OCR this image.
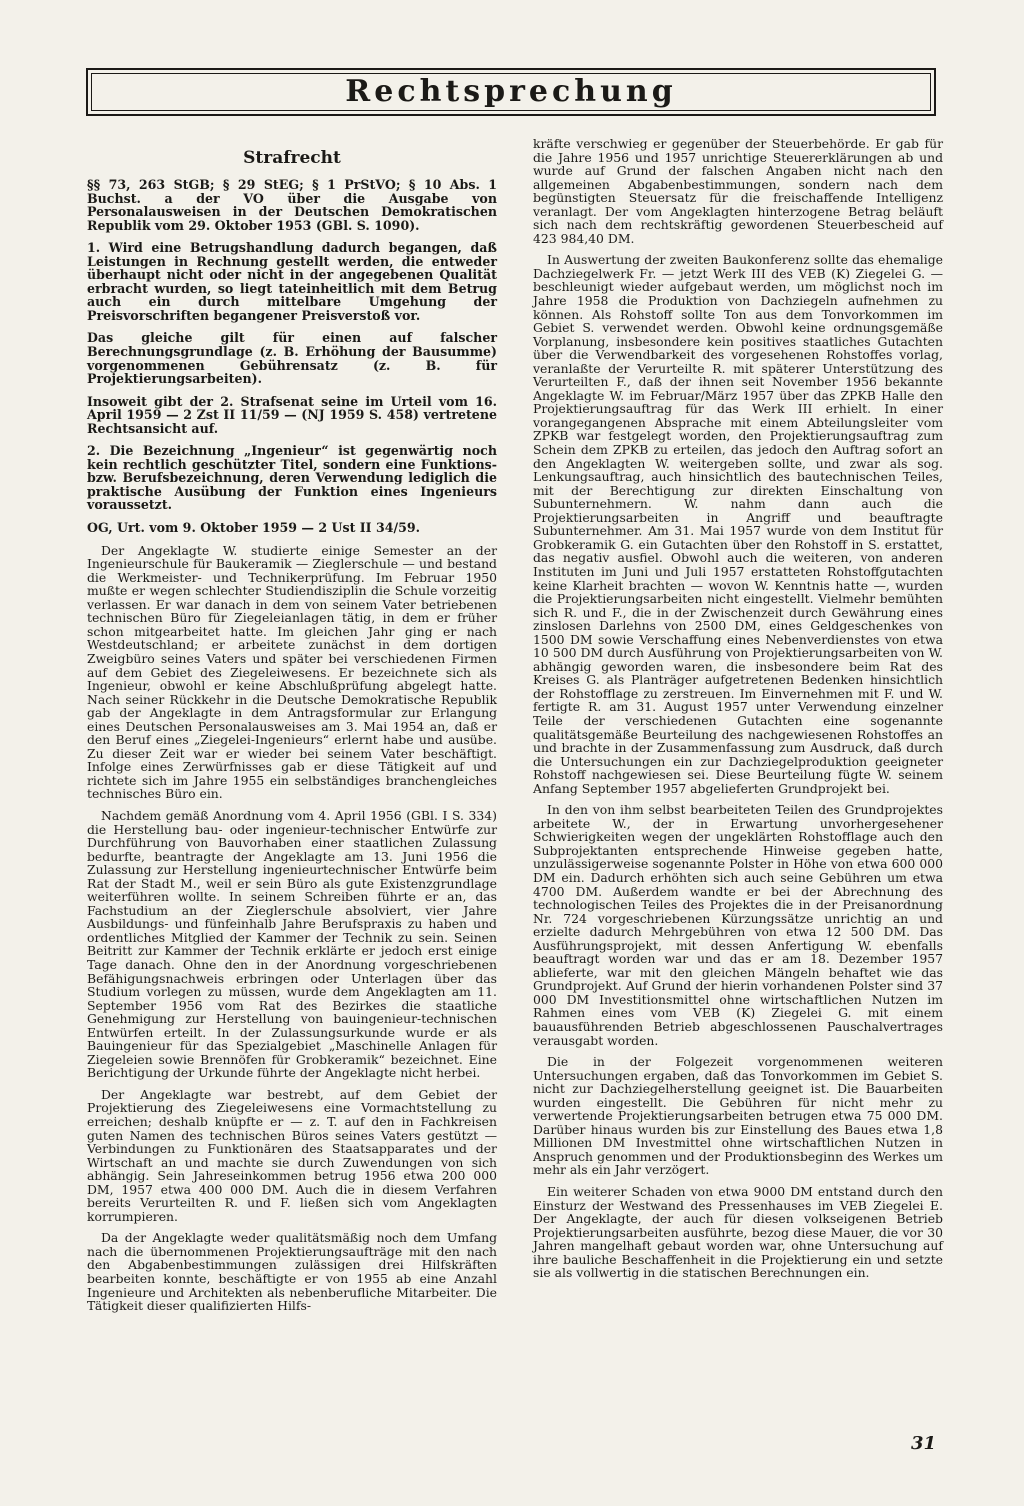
Rechtsprechung
Strafrecht

§§ 73, 263 StGB; § 29 StEG; § 1 PrStVO; § 10 Abs. 1 Buchst. a der VO über die Ausgabe von Personalausweisen in der Deutschen Demokratischen Republik vom 29. Oktober 1953 (GBl. S. 1090).

1. Wird eine Betrugshandlung dadurch begangen, daß Leistungen in Rechnung gestellt werden, die entweder überhaupt nicht oder nicht in der angegebenen Qualität erbracht wurden, so liegt tateinheitlich mit dem Betrug auch ein durch mittelbare Umgehung der Preisvorschriften begangener Preisverstoß vor.

Das gleiche gilt für einen auf falscher Berechnungsgrundlage (z. B. Erhöhung der Bausumme) vorgenommenen Gebührensatz (z. B. für Projektierungsarbeiten).

Insoweit gibt der 2. Strafsenat seine im Urteil vom 16. April 1959 — 2 Zst II 11/59 — (NJ 1959 S. 458) vertretene Rechtsansicht auf.

2. Die Bezeichnung „Ingenieur“ ist gegenwärtig noch kein rechtlich geschützter Titel, sondern eine Funktions- bzw. Berufsbezeichnung, deren Verwendung lediglich die praktische Ausübung der Funktion eines Ingenieurs voraussetzt.

OG, Urt. vom 9. Oktober 1959 — 2 Ust II 34/59.

Der Angeklagte W. studierte einige Semester an der Ingenieurschule für Baukeramik — Zieglerschule — und bestand die Werkmeister- und Technikerprüfung. Im Februar 1950 mußte er wegen schlechter Studiendisziplin die Schule vorzeitig verlassen. Er war danach in dem von seinem Vater betriebenen technischen Büro für Ziegeleianlagen tätig, in dem er früher schon mitgearbeitet hatte. Im gleichen Jahr ging er nach Westdeutschland; er arbeitete zunächst in dem dortigen Zweigbüro seines Vaters und später bei verschiedenen Firmen auf dem Gebiet des Ziegeleiwesens. Er bezeichnete sich als Ingenieur, obwohl er keine Abschlußprüfung abgelegt hatte. Nach seiner Rückkehr in die Deutsche Demokratische Republik gab der Angeklagte in dem Antragsformular zur Erlangung eines Deutschen Personalausweises am 3. Mai 1954 an, daß er den Beruf eines „Ziegelei-Ingenieurs“ erlernt habe und ausübe. Zu dieser Zeit war er wieder bei seinem Vater beschäftigt. Infolge eines Zerwürfnisses gab er diese Tätigkeit auf und richtete sich im Jahre 1955 ein selbständiges branchengleiches technisches Büro ein.

Nachdem gemäß Anordnung vom 4. April 1956 (GBl. I S. 334) die Herstellung bau- oder ingenieur-technischer Entwürfe zur Durchführung von Bauvorhaben einer staatlichen Zulassung bedurfte, beantragte der Angeklagte am 13. Juni 1956 die Zulassung zur Herstellung ingenieurtechnischer Entwürfe beim Rat der Stadt M., weil er sein Büro als gute Existenzgrundlage weiterführen wollte. In seinem Schreiben führte er an, das Fachstudium an der Zieglerschule absolviert, vier Jahre Ausbildungs- und fünfeinhalb Jahre Berufspraxis zu haben und ordentliches Mitglied der Kammer der Technik zu sein. Seinen Beitritt zur Kammer der Technik erklärte er jedoch erst einige Tage danach. Ohne den in der Anordnung vorgeschriebenen Befähigungsnachweis erbringen oder Unterlagen über das Studium vorlegen zu müssen, wurde dem Angeklagten am 11. September 1956 vom Rat des Bezirkes die staatliche Genehmigung zur Herstellung von bauingenieur-technischen Entwürfen erteilt. In der Zulassungsurkunde wurde er als Bauingenieur für das Spezialgebiet „Maschinelle Anlagen für Ziegeleien sowie Brennöfen für Grobkeramik“ bezeichnet. Eine Berichtigung der Urkunde führte der Angeklagte nicht herbei.

Der Angeklagte war bestrebt, auf dem Gebiet der Projektierung des Ziegeleiwesens eine Vormachtstellung zu erreichen; deshalb knüpfte er — z. T. auf den in Fachkreisen guten Namen des technischen Büros seines Vaters gestützt — Verbindungen zu Funktionären des Staatsapparates und der Wirtschaft an und machte sie durch Zuwendungen von sich abhängig. Sein Jahreseinkommen betrug 1956 etwa 200 000 DM, 1957 etwa 400 000 DM. Auch die in diesem Verfahren bereits Verurteilten R. und F. ließen sich vom Angeklagten korrumpieren.

Da der Angeklagte weder qualitätsmäßig noch dem Umfang nach die übernommenen Projektierungsaufträge mit den nach den Abgabenbestimmungen zulässigen drei Hilfskräften bearbeiten konnte, beschäftigte er von 1955 ab eine Anzahl Ingenieure und Architekten als nebenberufliche Mitarbeiter. Die Tätigkeit dieser qualifizierten Hilfs-

kräfte verschwieg er gegenüber der Steuerbehörde. Er gab für die Jahre 1956 und 1957 unrichtige Steuererklärungen ab und wurde auf Grund der falschen Angaben nicht nach den allgemeinen Abgabenbestimmungen, sondern nach dem begünstigten Steuersatz für die freischaffende Intelligenz veranlagt. Der vom Angeklagten hinterzogene Betrag beläuft sich nach dem rechtskräftig gewordenen Steuerbescheid auf 423 984,40 DM.

In Auswertung der zweiten Baukonferenz sollte das ehemalige Dachziegelwerk Fr. — jetzt Werk III des VEB (K) Ziegelei G. — beschleunigt wieder aufgebaut werden, um möglichst noch im Jahre 1958 die Produktion von Dachziegeln aufnehmen zu können. Als Rohstoff sollte Ton aus dem Tonvorkommen im Gebiet S. verwendet werden. Obwohl keine ordnungsgemäße Vorplanung, insbesondere kein positives staatliches Gutachten über die Verwendbarkeit des vorgesehenen Rohstoffes vorlag, veranlaßte der Verurteilte R. mit späterer Unterstützung des Verurteilten F., daß der ihnen seit November 1956 bekannte Angeklagte W. im Februar/März 1957 über das ZPKB Halle den Projektierungsauftrag für das Werk III erhielt. In einer vorangegangenen Absprache mit einem Abteilungsleiter vom ZPKB war festgelegt worden, den Projektierungsauftrag zum Schein dem ZPKB zu erteilen, das jedoch den Auftrag sofort an den Angeklagten W. weitergeben sollte, und zwar als sog. Lenkungsauftrag, auch hinsichtlich des bautechnischen Teiles, mit der Berechtigung zur direkten Einschaltung von Subunternehmern. W. nahm dann auch die Projektierungsarbeiten in Angriff und beauftragte Subunternehmer. Am 31. Mai 1957 wurde von dem Institut für Grobkeramik G. ein Gutachten über den Rohstoff in S. erstattet, das negativ ausfiel. Obwohl auch die weiteren, von anderen Instituten im Juni und Juli 1957 erstatteten Rohstoffgutachten keine Klarheit brachten — wovon W. Kenntnis hatte —, wurden die Projektierungsarbeiten nicht eingestellt. Vielmehr bemühten sich R. und F., die in der Zwischenzeit durch Gewährung eines zinslosen Darlehns von 2500 DM, eines Geldgeschenkes von 1500 DM sowie Verschaffung eines Nebenverdienstes von etwa 10 500 DM durch Ausführung von Projektierungsarbeiten von W. abhängig geworden waren, die insbesondere beim Rat des Kreises G. als Planträger aufgetretenen Bedenken hinsichtlich der Rohstofflage zu zerstreuen. Im Einvernehmen mit F. und W. fertigte R. am 31. August 1957 unter Verwendung einzelner Teile der verschiedenen Gutachten eine sogenannte qualitätsgemäße Beurteilung des nachgewiesenen Rohstoffes an und brachte in der Zusammenfassung zum Ausdruck, daß durch die Untersuchungen ein zur Dachziegelproduktion geeigneter Rohstoff nachgewiesen sei. Diese Beurteilung fügte W. seinem Anfang September 1957 abgelieferten Grundprojekt bei.

In den von ihm selbst bearbeiteten Teilen des Grundprojektes arbeitete W., der in Erwartung unvorhergesehener Schwierigkeiten wegen der ungeklärten Rohstofflage auch den Subprojektanten entsprechende Hinweise gegeben hatte, unzulässigerweise sogenannte Polster in Höhe von etwa 600 000 DM ein. Dadurch erhöhten sich auch seine Gebühren um etwa 4700 DM. Außerdem wandte er bei der Abrechnung des technologischen Teiles des Projektes die in der Preisanordnung Nr. 724 vorgeschriebenen Kürzungssätze unrichtig an und erzielte dadurch Mehrgebühren von etwa 12 500 DM. Das Ausführungsprojekt, mit dessen Anfertigung W. ebenfalls beauftragt worden war und das er am 18. Dezember 1957 ablieferte, war mit den gleichen Mängeln behaftet wie das Grundprojekt. Auf Grund der hierin vorhandenen Polster sind 37 000 DM Investitionsmittel ohne wirtschaftlichen Nutzen im Rahmen eines vom VEB (K) Ziegelei G. mit einem bauausführenden Betrieb abgeschlossenen Pauschalvertrages verausgabt worden.

Die in der Folgezeit vorgenommenen weiteren Untersuchungen ergaben, daß das Tonvorkommen im Gebiet S. nicht zur Dachziegelherstellung geeignet ist. Die Bauarbeiten wurden eingestellt. Die Gebühren für nicht mehr zu verwertende Projektierungsarbeiten betrugen etwa 75 000 DM. Darüber hinaus wurden bis zur Einstellung des Baues etwa 1,8 Millionen DM Investmittel ohne wirtschaftlichen Nutzen in Anspruch genommen und der Produktionsbeginn des Werkes um mehr als ein Jahr verzögert.

Ein weiterer Schaden von etwa 9000 DM entstand durch den Einsturz der Westwand des Pressenhauses im VEB Ziegelei E. Der Angeklagte, der auch für diesen volkseigenen Betrieb Projektierungsarbeiten ausführte, bezog diese Mauer, die vor 30 Jahren mangelhaft gebaut worden war, ohne Untersuchung auf ihre bauliche Beschaffenheit in die Projektierung ein und setzte sie als vollwertig in die statischen Berechnungen ein.

31
